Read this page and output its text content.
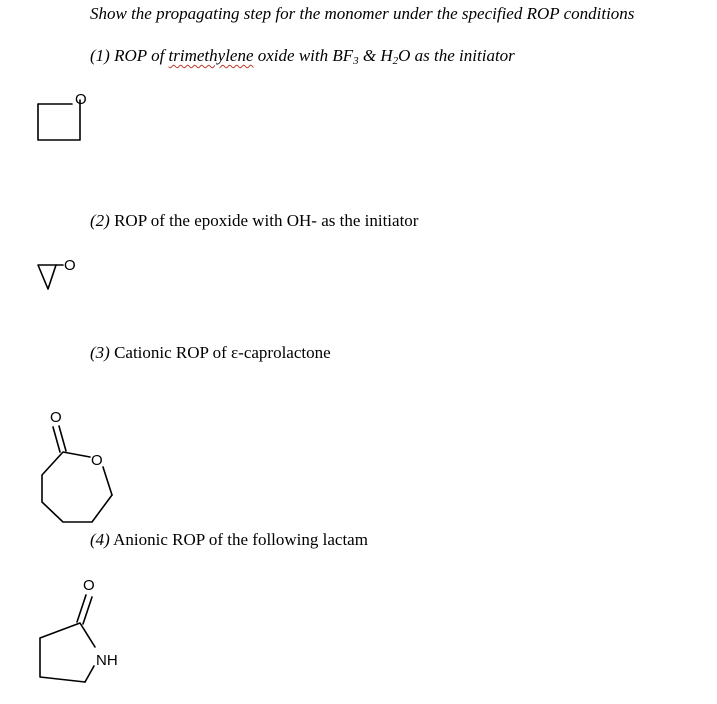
Show the propagating step for the monomer under the specified ROP conditions
(1) ROP of trimethylene oxide with $BF_3$ & $H_2O$ as the initiator
O
(2) ROP of the epoxide with OH- as the initiator
O
(3) Cationic ROP of ε-caprolactone
O
O
(4) Anionic ROP of the following lactam
O
NH
